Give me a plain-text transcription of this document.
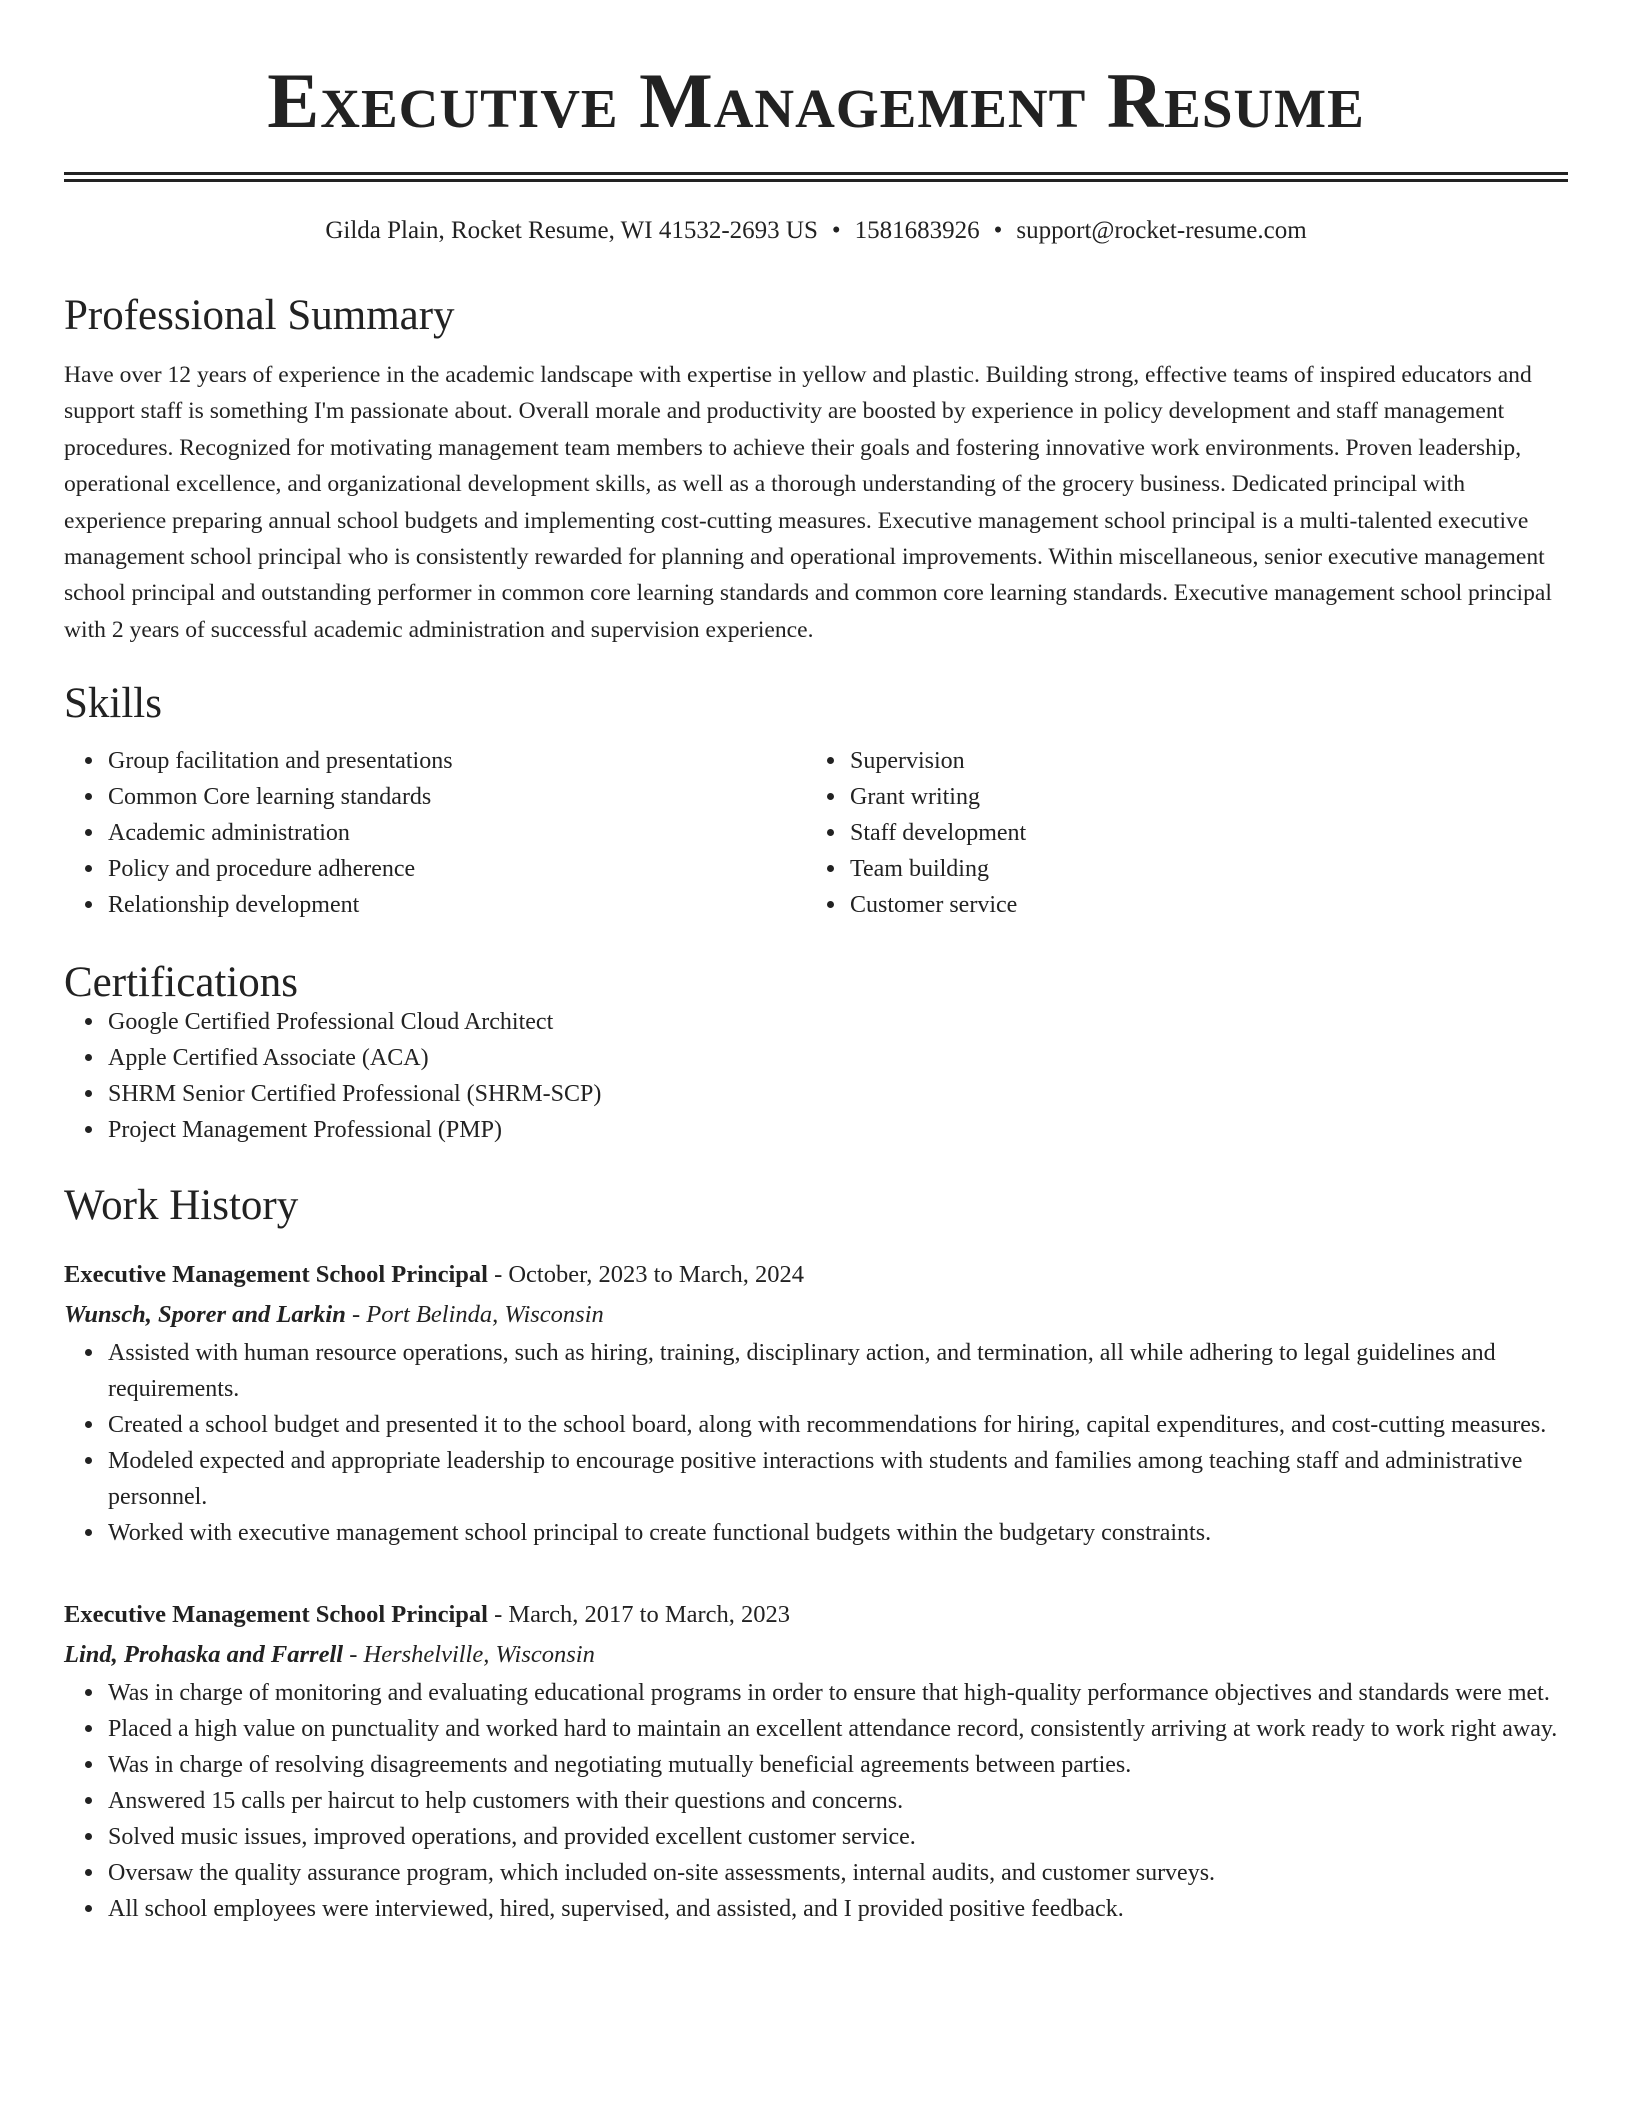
Executive Management Resume
Gilda Plain, Rocket Resume, WI 41532-2693 US • 1581683926 • support@rocket-resume.com
Professional Summary

Have over 12 years of experience in the academic landscape with expertise in yellow and plastic. Building strong, effective teams of inspired educators and support staff is something I'm passionate about. Overall morale and productivity are boosted by experience in policy development and staff management procedures. Recognized for motivating management team members to achieve their goals and fostering innovative work environments. Proven leadership, operational excellence, and organizational development skills, as well as a thorough understanding of the grocery business. Dedicated principal with experience preparing annual school budgets and implementing cost-cutting measures. Executive management school principal is a multi-talented executive management school principal who is consistently rewarded for planning and operational improvements. Within miscellaneous, senior executive management school principal and outstanding performer in common core learning standards and common core learning standards. Executive management school principal with 2 years of successful academic administration and supervision experience.

Skills
Group facilitation and presentations
Common Core learning standards
Academic administration
Policy and procedure adherence
Relationship development
Supervision
Grant writing
Staff development
Team building
Customer service
Certifications
Google Certified Professional Cloud Architect
Apple Certified Associate (ACA)
SHRM Senior Certified Professional (SHRM-SCP)
Project Management Professional (PMP)
Work History
Executive Management School Principal - October, 2023 to March, 2024
Wunsch, Sporer and Larkin - Port Belinda, Wisconsin
Assisted with human resource operations, such as hiring, training, disciplinary action, and termination, all while adhering to legal guidelines and requirements.
Created a school budget and presented it to the school board, along with recommendations for hiring, capital expenditures, and cost-cutting measures.
Modeled expected and appropriate leadership to encourage positive interactions with students and families among teaching staff and administrative personnel.
Worked with executive management school principal to create functional budgets within the budgetary constraints.
Executive Management School Principal - March, 2017 to March, 2023
Lind, Prohaska and Farrell - Hershelville, Wisconsin
Was in charge of monitoring and evaluating educational programs in order to ensure that high-quality performance objectives and standards were met.
Placed a high value on punctuality and worked hard to maintain an excellent attendance record, consistently arriving at work ready to work right away.
Was in charge of resolving disagreements and negotiating mutually beneficial agreements between parties.
Answered 15 calls per haircut to help customers with their questions and concerns.
Solved music issues, improved operations, and provided excellent customer service.
Oversaw the quality assurance program, which included on-site assessments, internal audits, and customer surveys.
All school employees were interviewed, hired, supervised, and assisted, and I provided positive feedback.
